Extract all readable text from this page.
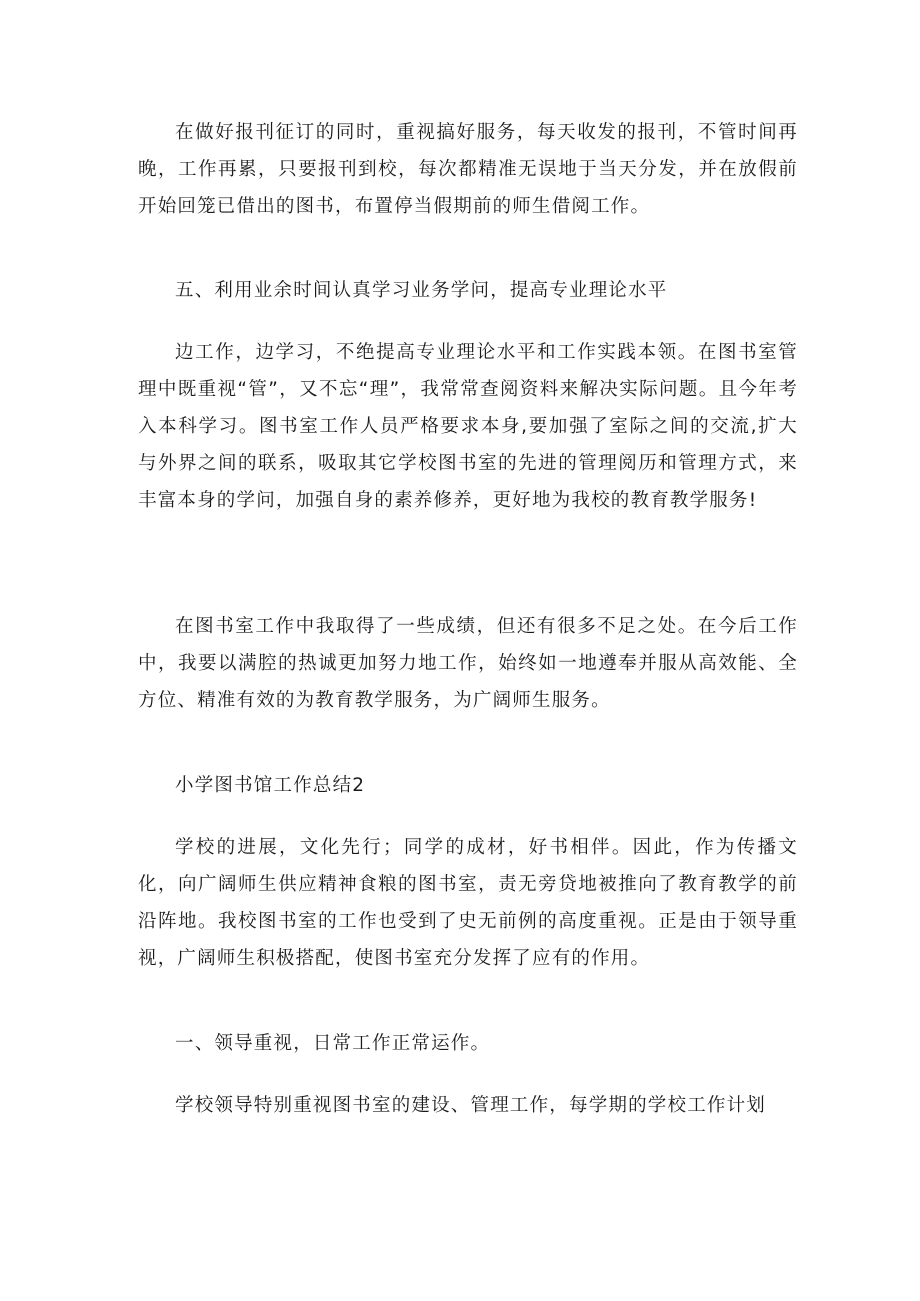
在做好报刊征订的同时，重视搞好服务，每天收发的报刊，不管时间再晚，工作再累，只要报刊到校，每次都精准无误地于当天分发，并在放假前开始回笼已借出的图书，布置停当假期前的师生借阅工作。

五、利用业余时间认真学习业务学问，提高专业理论水平

边工作，边学习，不绝提高专业理论水平和工作实践本领。在图书室管理中既重视“管”，又不忘“理”，我常常查阅资料来解决实际问题。且今年考入本科学习。图书室工作人员严格要求本身,要加强了室际之间的交流,扩大与外界之间的联系，吸取其它学校图书室的先进的管理阅历和管理方式，来丰富本身的学问，加强自身的素养修养，更好地为我校的教育教学服务!

在图书室工作中我取得了一些成绩，但还有很多不足之处。在今后工作中，我要以满腔的热诚更加努力地工作，始终如一地遵奉并服从高效能、全方位、精准有效的为教育教学服务，为广阔师生服务。

小学图书馆工作总结2

学校的进展，文化先行；同学的成材，好书相伴。因此，作为传播文化，向广阔师生供应精神食粮的图书室，责无旁贷地被推向了教育教学的前沿阵地。我校图书室的工作也受到了史无前例的高度重视。正是由于领导重视，广阔师生积极搭配，使图书室充分发挥了应有的作用。

一、领导重视，日常工作正常运作。

学校领导特别重视图书室的建设、管理工作，每学期的学校工作计划
